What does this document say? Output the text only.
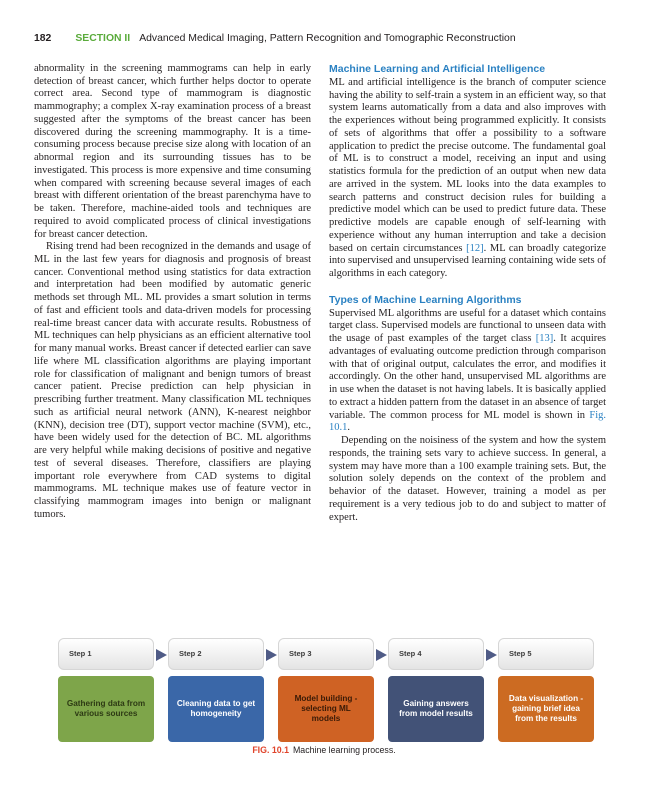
182 SECTION II Advanced Medical Imaging, Pattern Recognition and Tomographic Reconstruction

abnormality in the screening mammograms can help in early detection of breast cancer, which further helps doctor to operate correct area. Second type of mammogram is diagnostic mammography; a complex X-ray examination process of a breast suggested after the symptoms of the breast cancer has been discovered during the screening mammography. It is a time-consuming process because precise size along with location of an abnormal region and its surrounding tissues has to be investigated. This process is more expensive and time consuming when compared with screening because several images of each breast with different orientation of the breast parenchyma have to be taken. Therefore, machine-aided tools and techniques are required to avoid complicated process of clinical investigations for breast cancer detection.

Rising trend had been recognized in the demands and usage of ML in the last few years for diagnosis and prognosis of breast cancer. Conventional method using statistics for data extraction and interpretation had been modified by automatic generic methods set through ML. ML provides a smart solution in terms of fast and efficient tools and data-driven models for processing real-time breast cancer data with accurate results. Robustness of ML techniques can help physicians as an efficient alternative tool for many manual works. Breast cancer if detected earlier can save life where ML classification algorithms are playing important role for classification of malignant and benign tumors of breast cancer patient. Precise prediction can help physician in prescribing further treatment. Many classification ML techniques such as artificial neural network (ANN), K-nearest neighbor (KNN), decision tree (DT), support vector machine (SVM), etc., have been widely used for the detection of BC. ML algorithms are very helpful while making decisions of positive and negative test of several diseases. Therefore, classifiers are playing important role everywhere from CAD systems to digital mammograms. ML technique makes use of feature vector in classifying mammogram images into benign or malignant tumors.

Machine Learning and Artificial Intelligence

ML and artificial intelligence is the branch of computer science having the ability to self-train a system in an efficient way, so that system learns automatically from a data and also improves with the experiences without being programmed explicitly. It consists of sets of algorithms that offer a possibility to a software application to predict the precise outcome. The fundamental goal of ML is to construct a model, receiving an input and using statistics formula for the prediction of an output when new data are arrived in the system. ML looks into the data examples to search patterns and construct decision rules for building a predictive model which can be used to predict future data. These predictive models are capable enough of self-learning with experience without any human interruption and take a decision based on certain circumstances [12]. ML can broadly categorize into supervised and unsupervised learning containing wide sets of algorithms in each category.

Types of Machine Learning Algorithms

Supervised ML algorithms are useful for a dataset which contains target class. Supervised models are functional to unseen data with the usage of past examples of the target class [13]. It acquires advantages of evaluating outcome prediction through comparison with that of original output, calculates the error, and modifies it accordingly. On the other hand, unsupervised ML algorithms are in use when the dataset is not having labels. It is basically applied to extract a hidden pattern from the dataset in an absence of target variable. The common process for ML model is shown in Fig. 10.1.

Depending on the noisiness of the system and how the system responds, the training sets vary to achieve success. In general, a system may have more than a 100 example training sets. But, the solution solely depends on the context of the problem and behavior of the dataset. However, training a model as per requirement is a very tedious job to do and subject to matter of expert.

Step 1
Gathering data from various sources
Step 2
Cleaning data to get homogeneity
Step 3
Model building - selecting ML models
Step 4
Gaining answers from model results
Step 5
Data visualization - gaining brief idea from the results
FIG. 10.1 Machine learning process.
